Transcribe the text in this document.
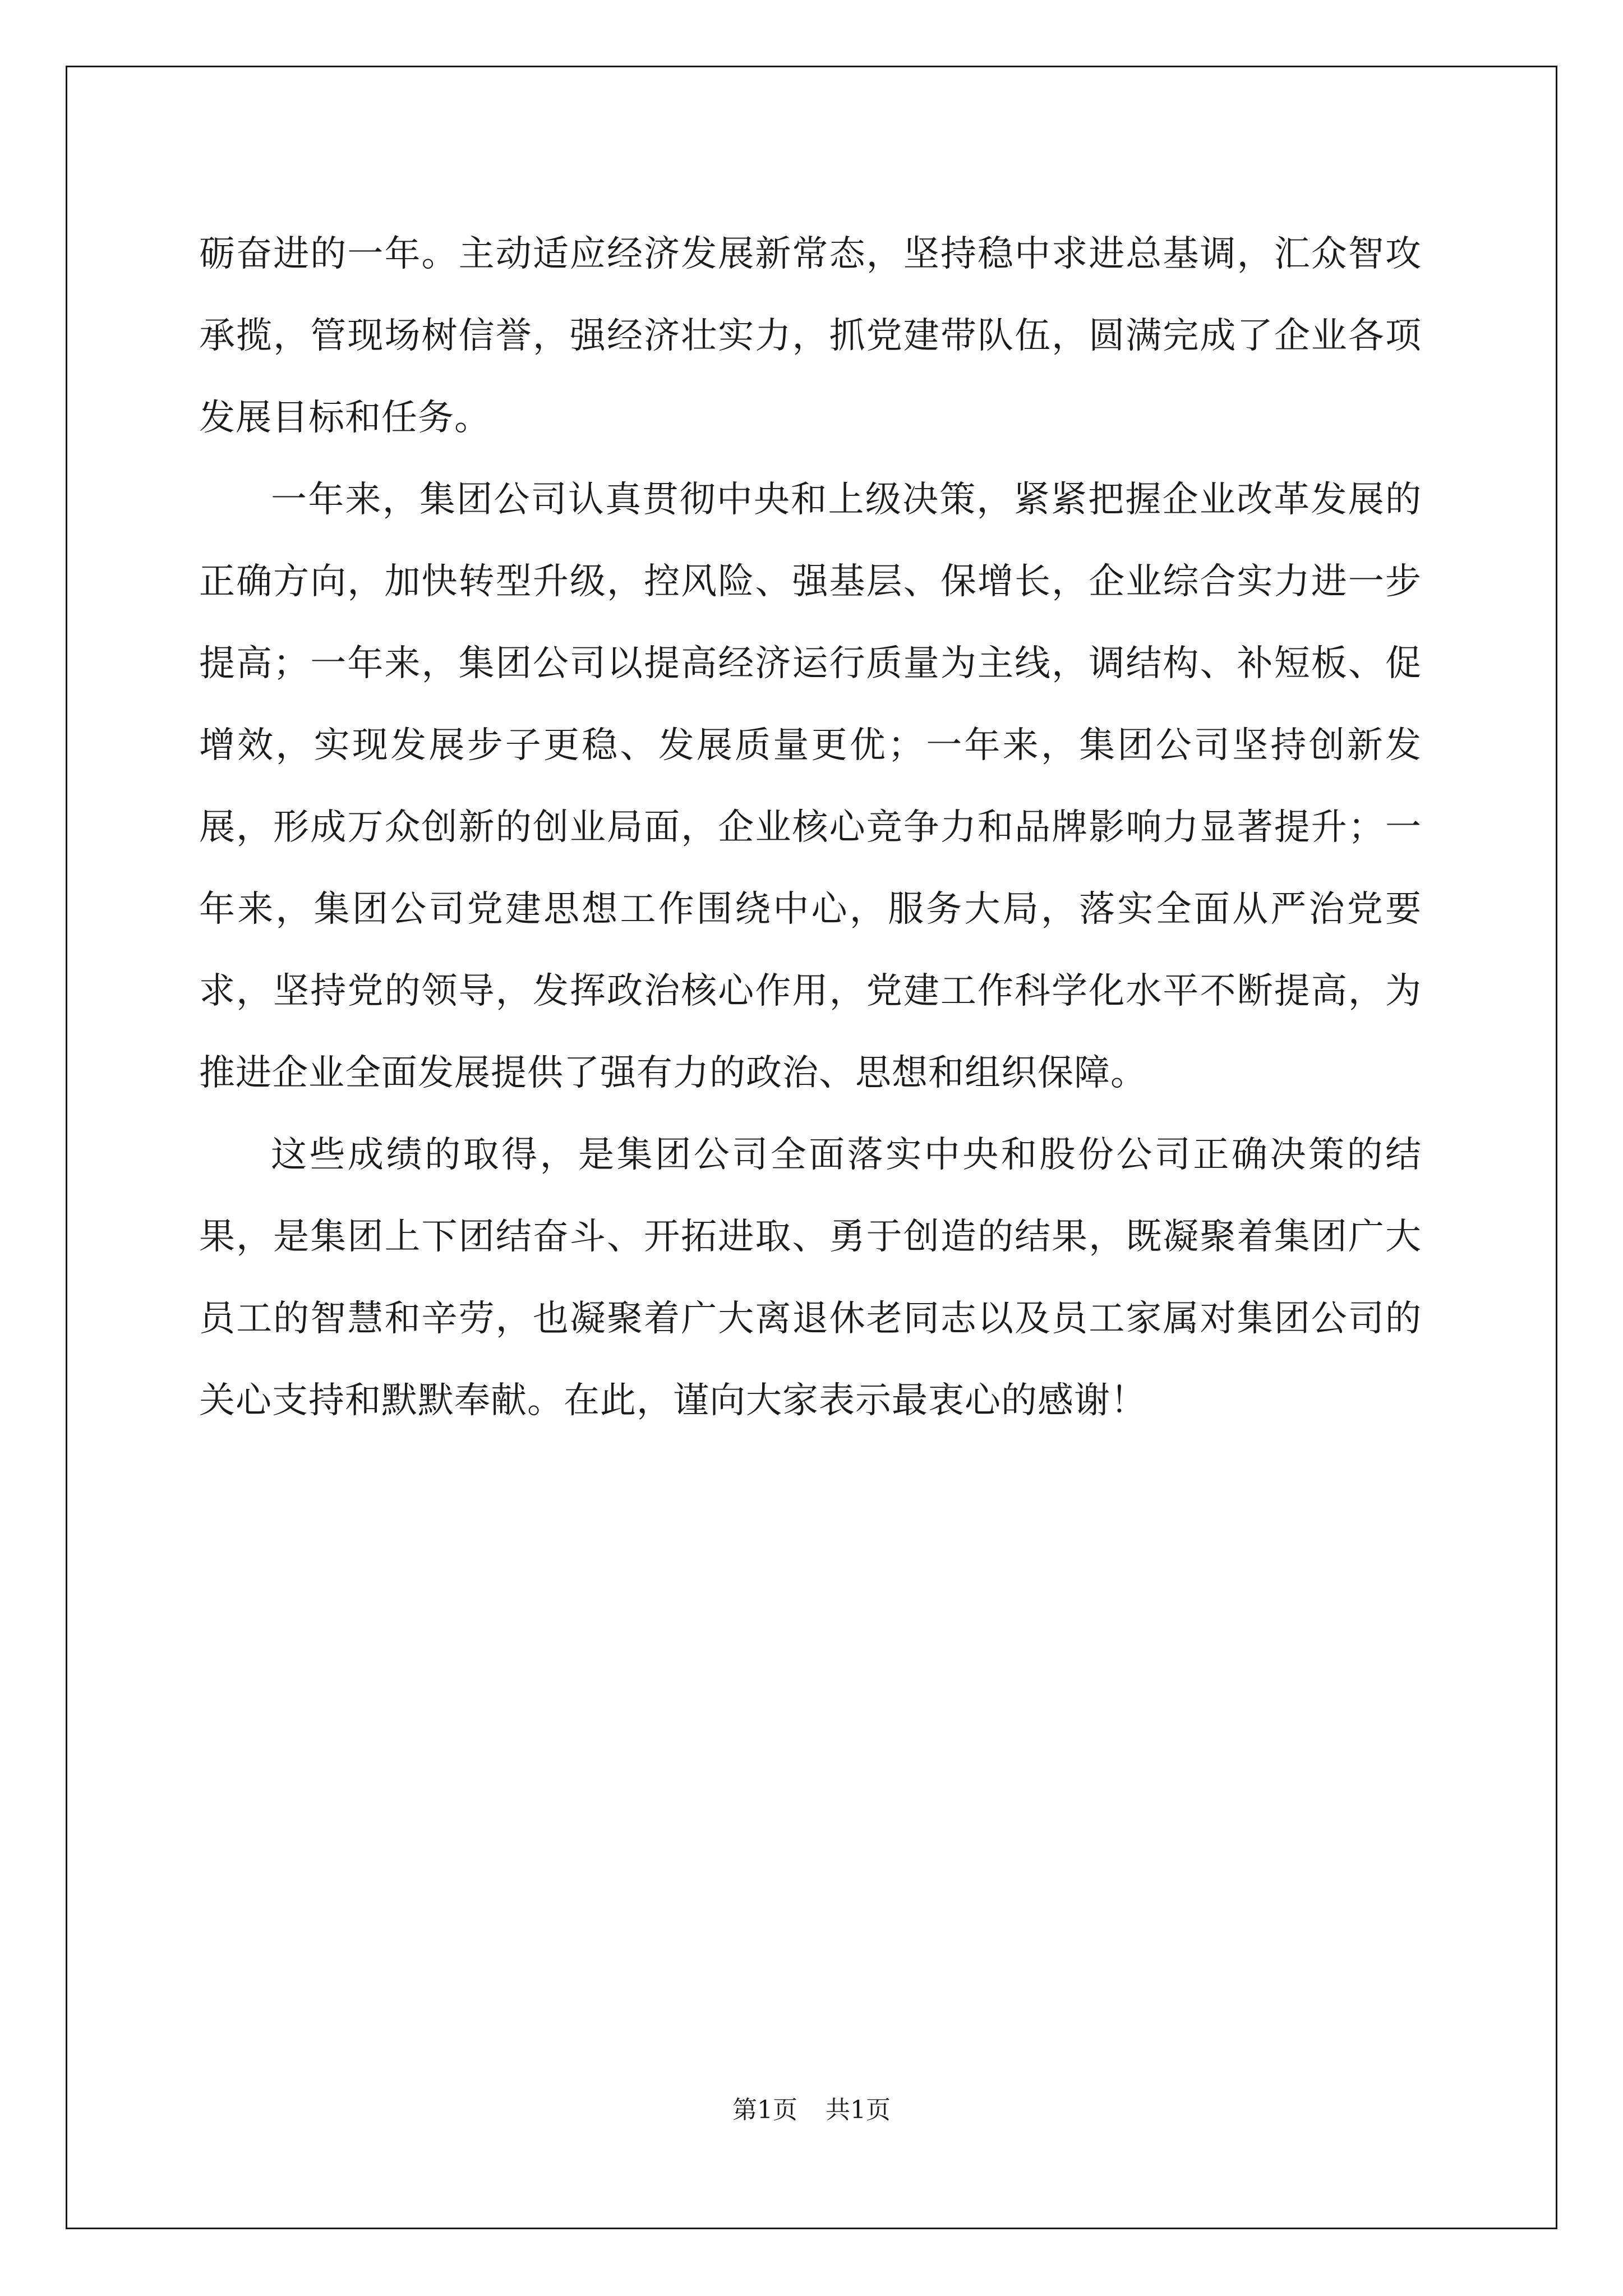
砺奋进的一年。主动适应经济发展新常态，坚持稳中求进总基调，汇众智攻承揽，管现场树信誉，强经济壮实力，抓党建带队伍，圆满完成了企业各项发展目标和任务。

一年来，集团公司认真贯彻中央和上级决策，紧紧把握企业改革发展的正确方向，加快转型升级，控风险、强基层、保增长，企业综合实力进一步提高；一年来，集团公司以提高经济运行质量为主线，调结构、补短板、促增效，实现发展步子更稳、发展质量更优；一年来，集团公司坚持创新发展，形成万众创新的创业局面，企业核心竞争力和品牌影响力显著提升；一年来，集团公司党建思想工作围绕中心，服务大局，落实全面从严治党要求，坚持党的领导，发挥政治核心作用，党建工作科学化水平不断提高，为推进企业全面发展提供了强有力的政治、思想和组织保障。

这些成绩的取得，是集团公司全面落实中央和股份公司正确决策的结果，是集团上下团结奋斗、开拓进取、勇于创造的结果，既凝聚着集团广大员工的智慧和辛劳，也凝聚着广大离退休老同志以及员工家属对集团公司的关心支持和默默奉献。在此，谨向大家表示最衷心的感谢！

第1页 共1页
